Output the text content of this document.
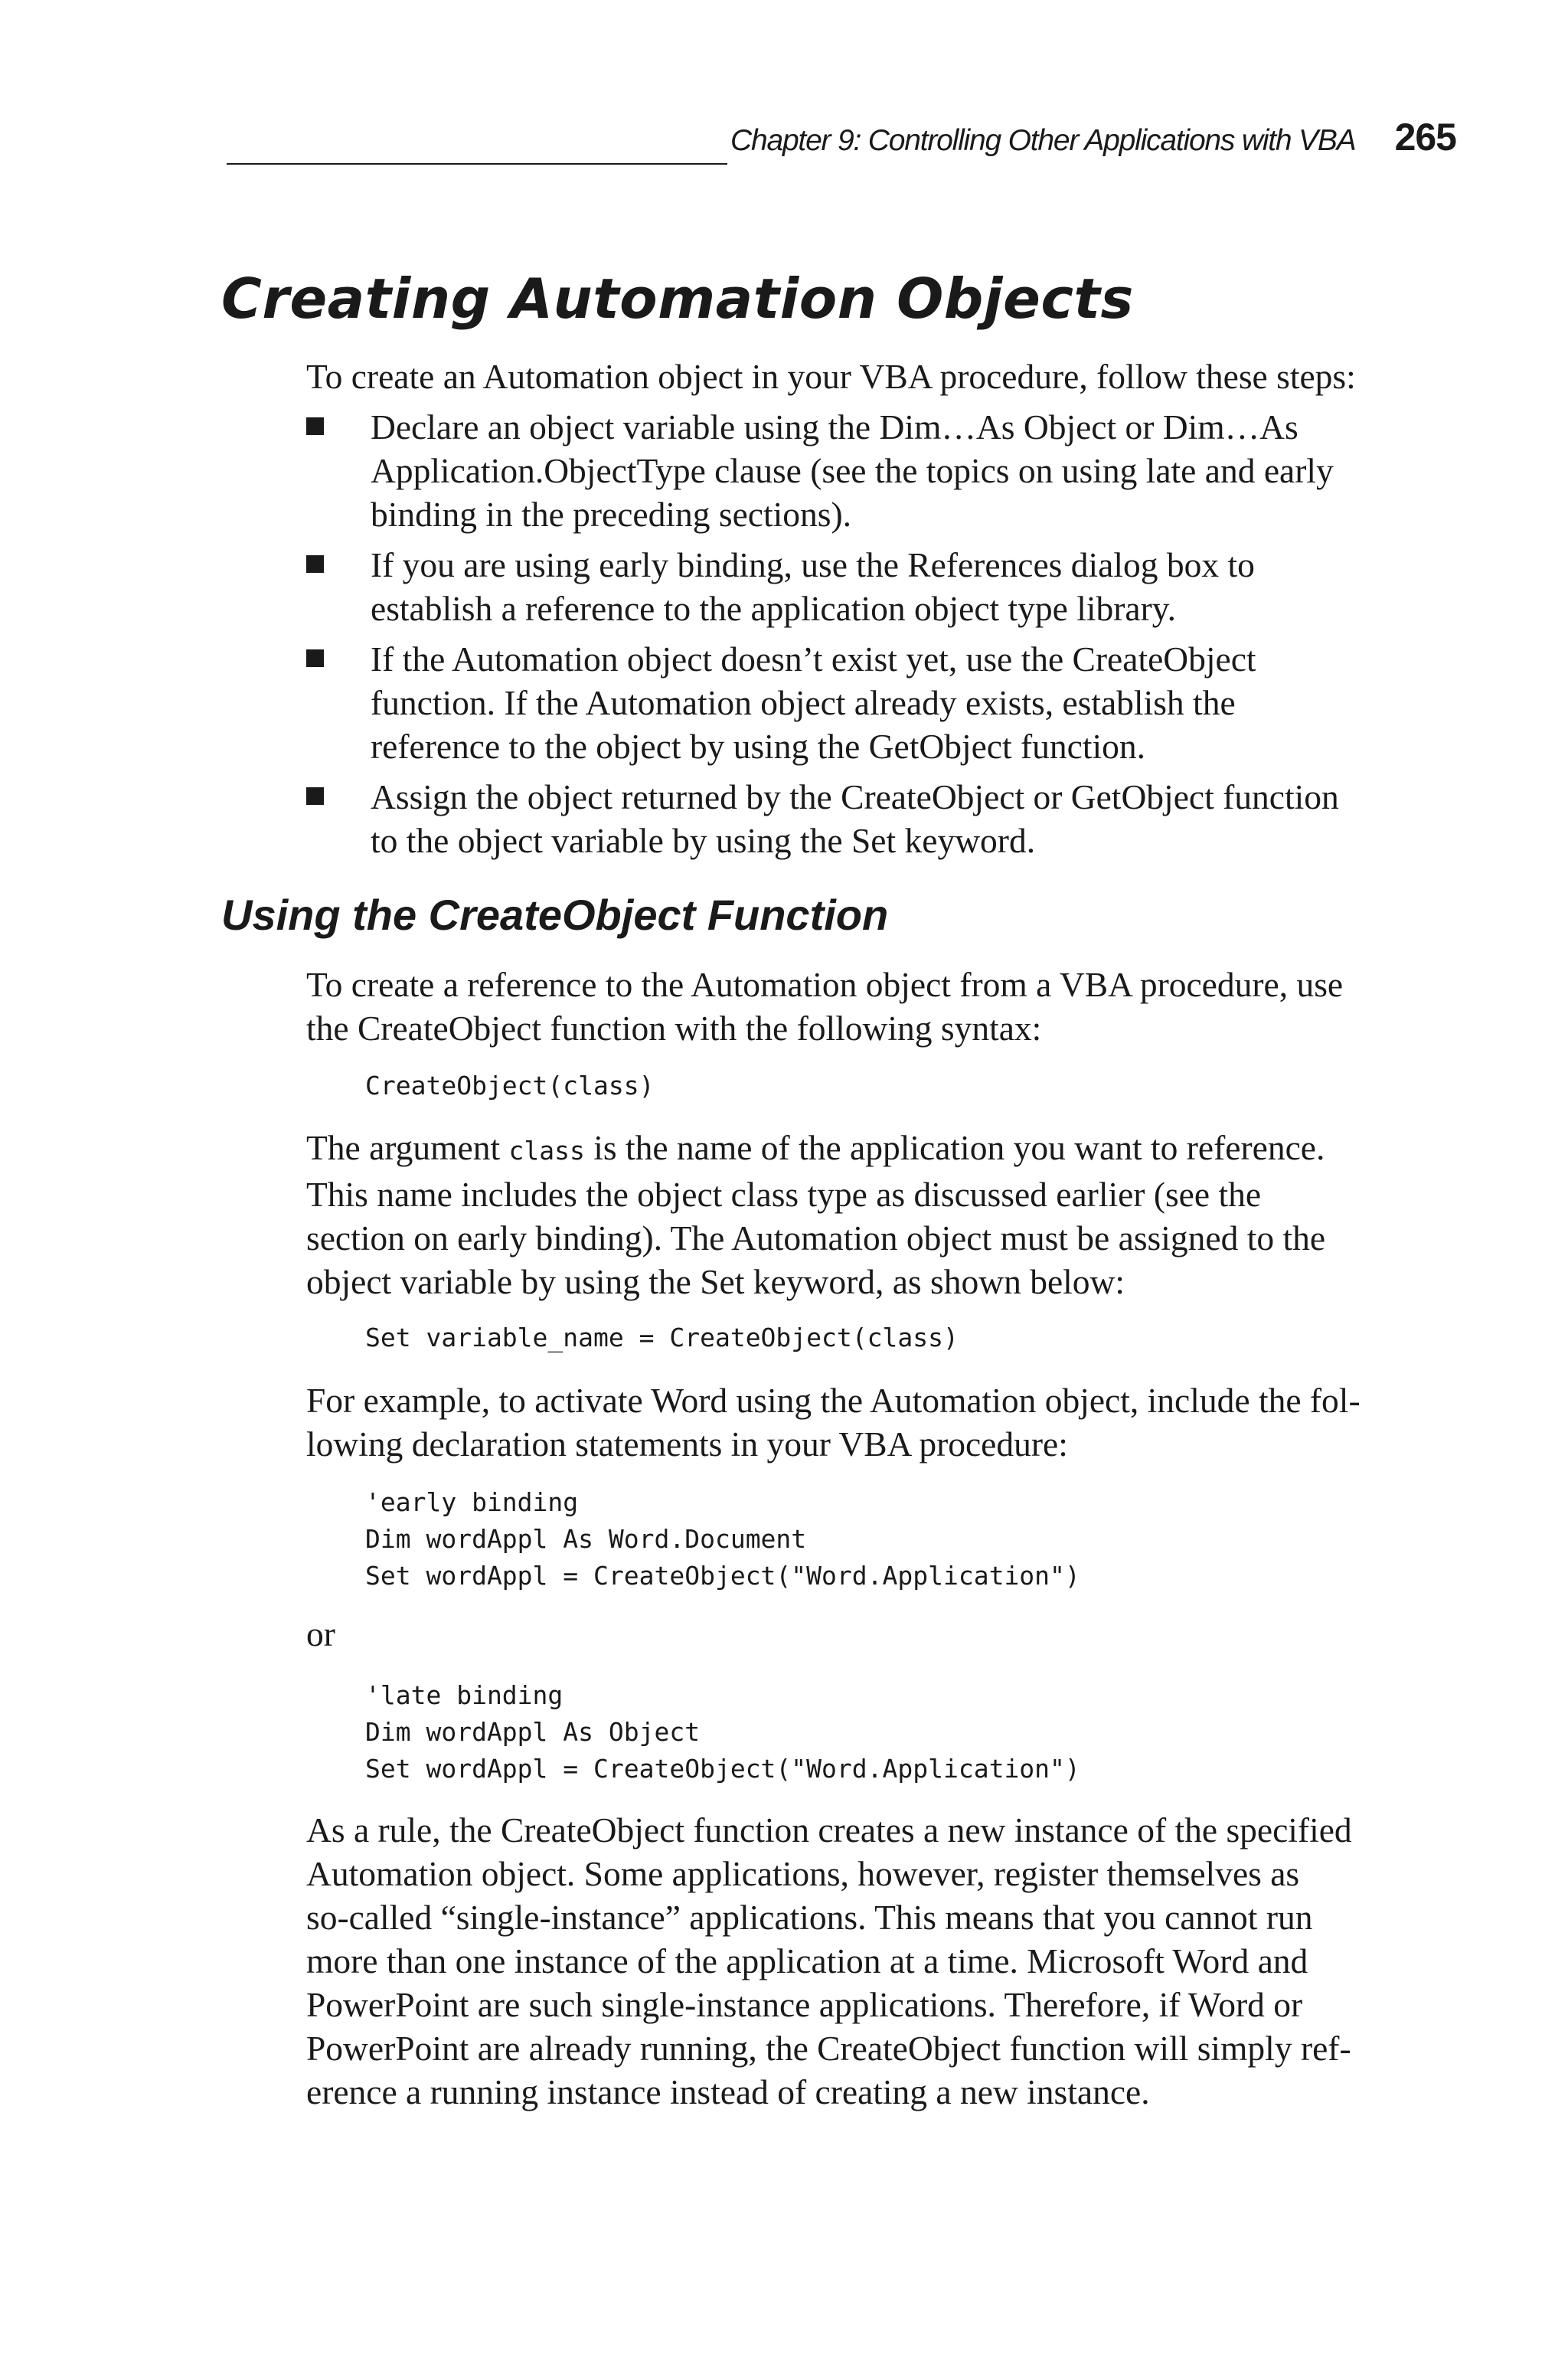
Chapter 9: Controlling Other Applications with VBA 265
Creating Automation Objects

To create an Automation object in your VBA procedure, follow these steps:

Declare an object variable using the Dim…As Object or Dim…As
Application.ObjectType clause (see the topics on using late and early
binding in the preceding sections).
If you are using early binding, use the References dialog box to
establish a reference to the application object type library.
If the Automation object doesn’t exist yet, use the CreateObject
function. If the Automation object already exists, establish the
reference to the object by using the GetObject function.
Assign the object returned by the CreateObject or GetObject function
to the object variable by using the Set keyword.
Using the CreateObject Function

To create a reference to the Automation object from a VBA procedure, use
the CreateObject function with the following syntax:

CreateObject(class)

The argument class is the name of the application you want to reference.
This name includes the object class type as discussed earlier (see the
section on early binding). The Automation object must be assigned to the
object variable by using the Set keyword, as shown below:

Set variable_name = CreateObject(class)

For example, to activate Word using the Automation object, include the fol-
lowing declaration statements in your VBA procedure:

'early binding
Dim wordAppl As Word.Document
Set wordAppl = CreateObject("Word.Application")

or

'late binding
Dim wordAppl As Object
Set wordAppl = CreateObject("Word.Application")

As a rule, the CreateObject function creates a new instance of the specified
Automation object. Some applications, however, register themselves as
so-called “single-instance” applications. This means that you cannot run
more than one instance of the application at a time. Microsoft Word and
PowerPoint are such single-instance applications. Therefore, if Word or
PowerPoint are already running, the CreateObject function will simply ref-
erence a running instance instead of creating a new instance.
